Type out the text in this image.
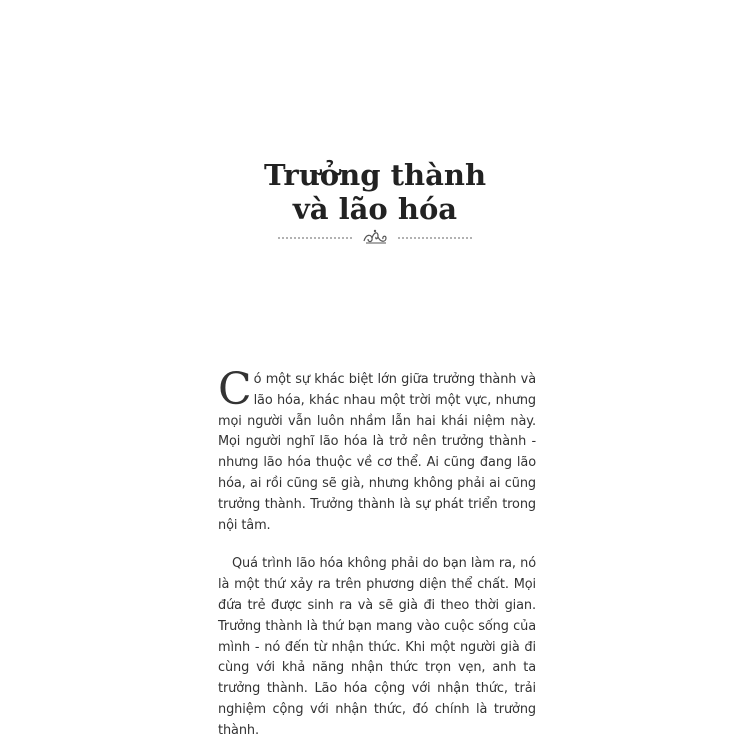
Trưởng thành
và lão hóa

Có một sự khác biệt lớn giữa trưởng thành và lão hóa, khác nhau một trời một vực, nhưng mọi người vẫn luôn nhầm lẫn hai khái niệm này. Mọi người nghĩ lão hóa là trở nên trưởng thành - nhưng lão hóa thuộc về cơ thể. Ai cũng đang lão hóa, ai rồi cũng sẽ già, nhưng không phải ai cũng trưởng thành. Trưởng thành là sự phát triển trong nội tâm.

Quá trình lão hóa không phải do bạn làm ra, nó là một thứ xảy ra trên phương diện thể chất. Mọi đứa trẻ được sinh ra và sẽ già đi theo thời gian. Trưởng thành là thứ bạn mang vào cuộc sống của mình - nó đến từ nhận thức. Khi một người già đi cùng với khả năng nhận thức trọn vẹn, anh ta trưởng thành. Lão hóa cộng với nhận thức, trải nghiệm cộng với nhận thức, đó chính là trưởng thành.
